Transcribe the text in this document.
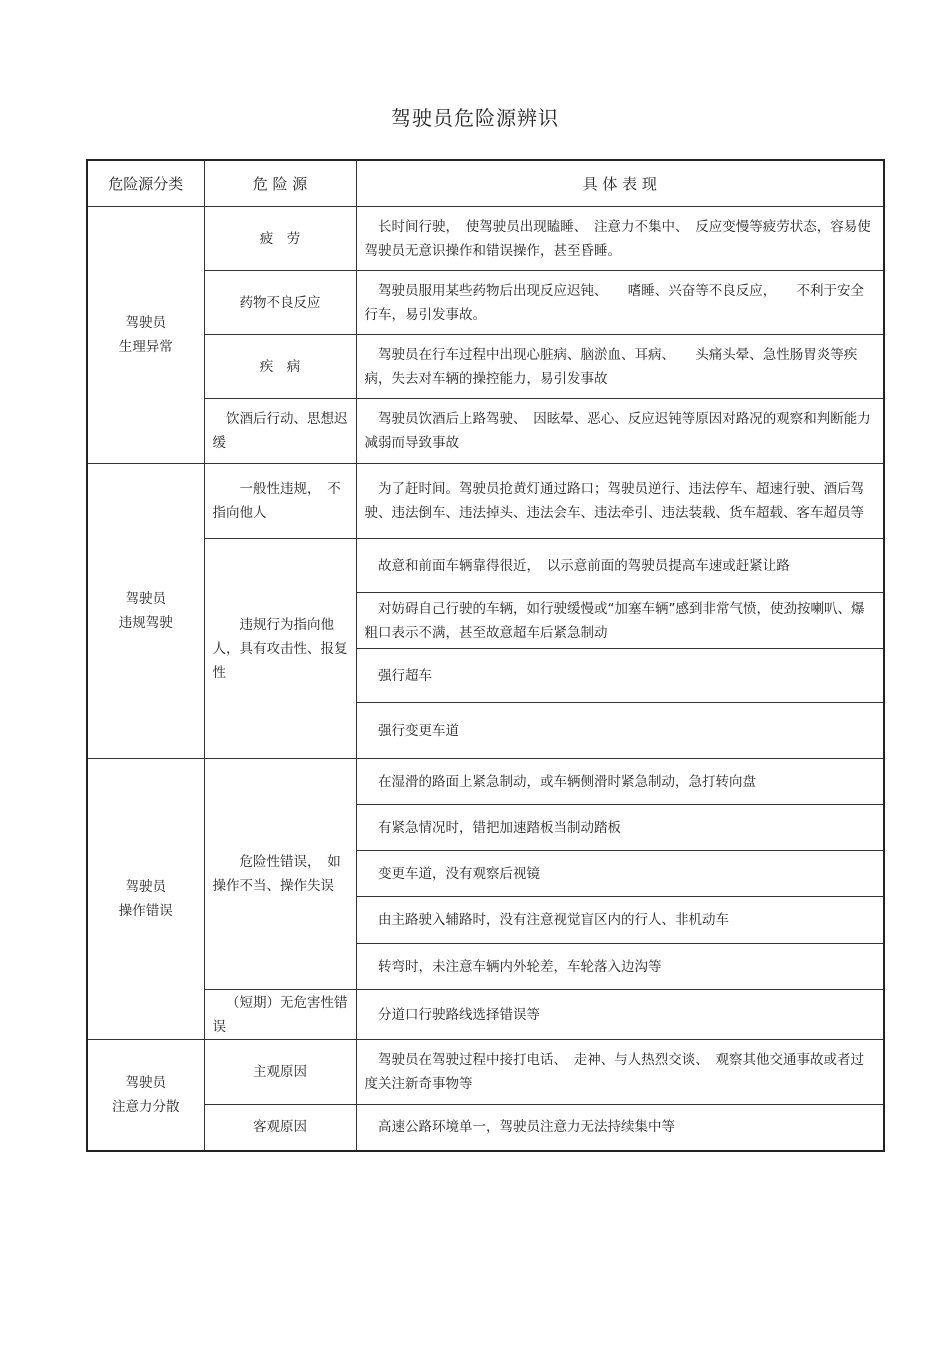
驾驶员危险源辨识
危险源分类	危 险 源	具 体 表 现

驾驶员
生理异常	疲　劳	长时间行驶，　使驾驶员出现瞌睡、　注意力不集中、　反应变慢等疲劳状态，容易使驾驶员无意识操作和错误操作，甚至昏睡。

	药物不良反应	驾驶员服用某些药物后出现反应迟钝、　　嗜睡、兴奋等不良反应，　　不利于安全行车，易引发事故。

	疾　病	驾驶员在行车过程中出现心脏病、脑淤血、耳病、　　头痛头晕、急性肠胃炎等疾病，失去对车辆的操控能力，易引发事故

	饮酒后行动、思想迟缓	驾驶员饮酒后上路驾驶、　因眩晕、恶心、反应迟钝等原因对路况的观察和判断能力减弱而导致事故

驾驶员
违规驾驶	一般性违规，　不指向他人	为了赶时间。驾驶员抢黄灯通过路口；驾驶员逆行、违法停车、超速行驶、酒后驾驶、违法倒车、违法掉头、违法会车、违法牵引、违法装载、货车超载、客车超员等

	违规行为指向他人，具有攻击性、报复性	故意和前面车辆靠得很近，　以示意前面的驾驶员提高车速或赶紧让路

		对妨碍自己行驶的车辆，如行驶缓慢或“加塞车辆”感到非常气愤，使劲按喇叭、爆粗口表示不满，甚至故意超车后紧急制动

		强行超车

		强行变更车道

驾驶员
操作错误	危险性错误，　如操作不当、操作失误	在湿滑的路面上紧急制动，或车辆侧滑时紧急制动，急打转向盘

		有紧急情况时，错把加速踏板当制动踏板

		变更车道，没有观察后视镜

		由主路驶入辅路时，没有注意视觉盲区内的行人、非机动车

		转弯时，未注意车辆内外轮差，车轮落入边沟等

	（短期）无危害性错误	分道口行驶路线选择错误等

驾驶员
注意力分散	主观原因	驾驶员在驾驶过程中接打电话、　走神、与人热烈交谈、　观察其他交通事故或者过度关注新奇事物等

	客观原因	高速公路环境单一，驾驶员注意力无法持续集中等
